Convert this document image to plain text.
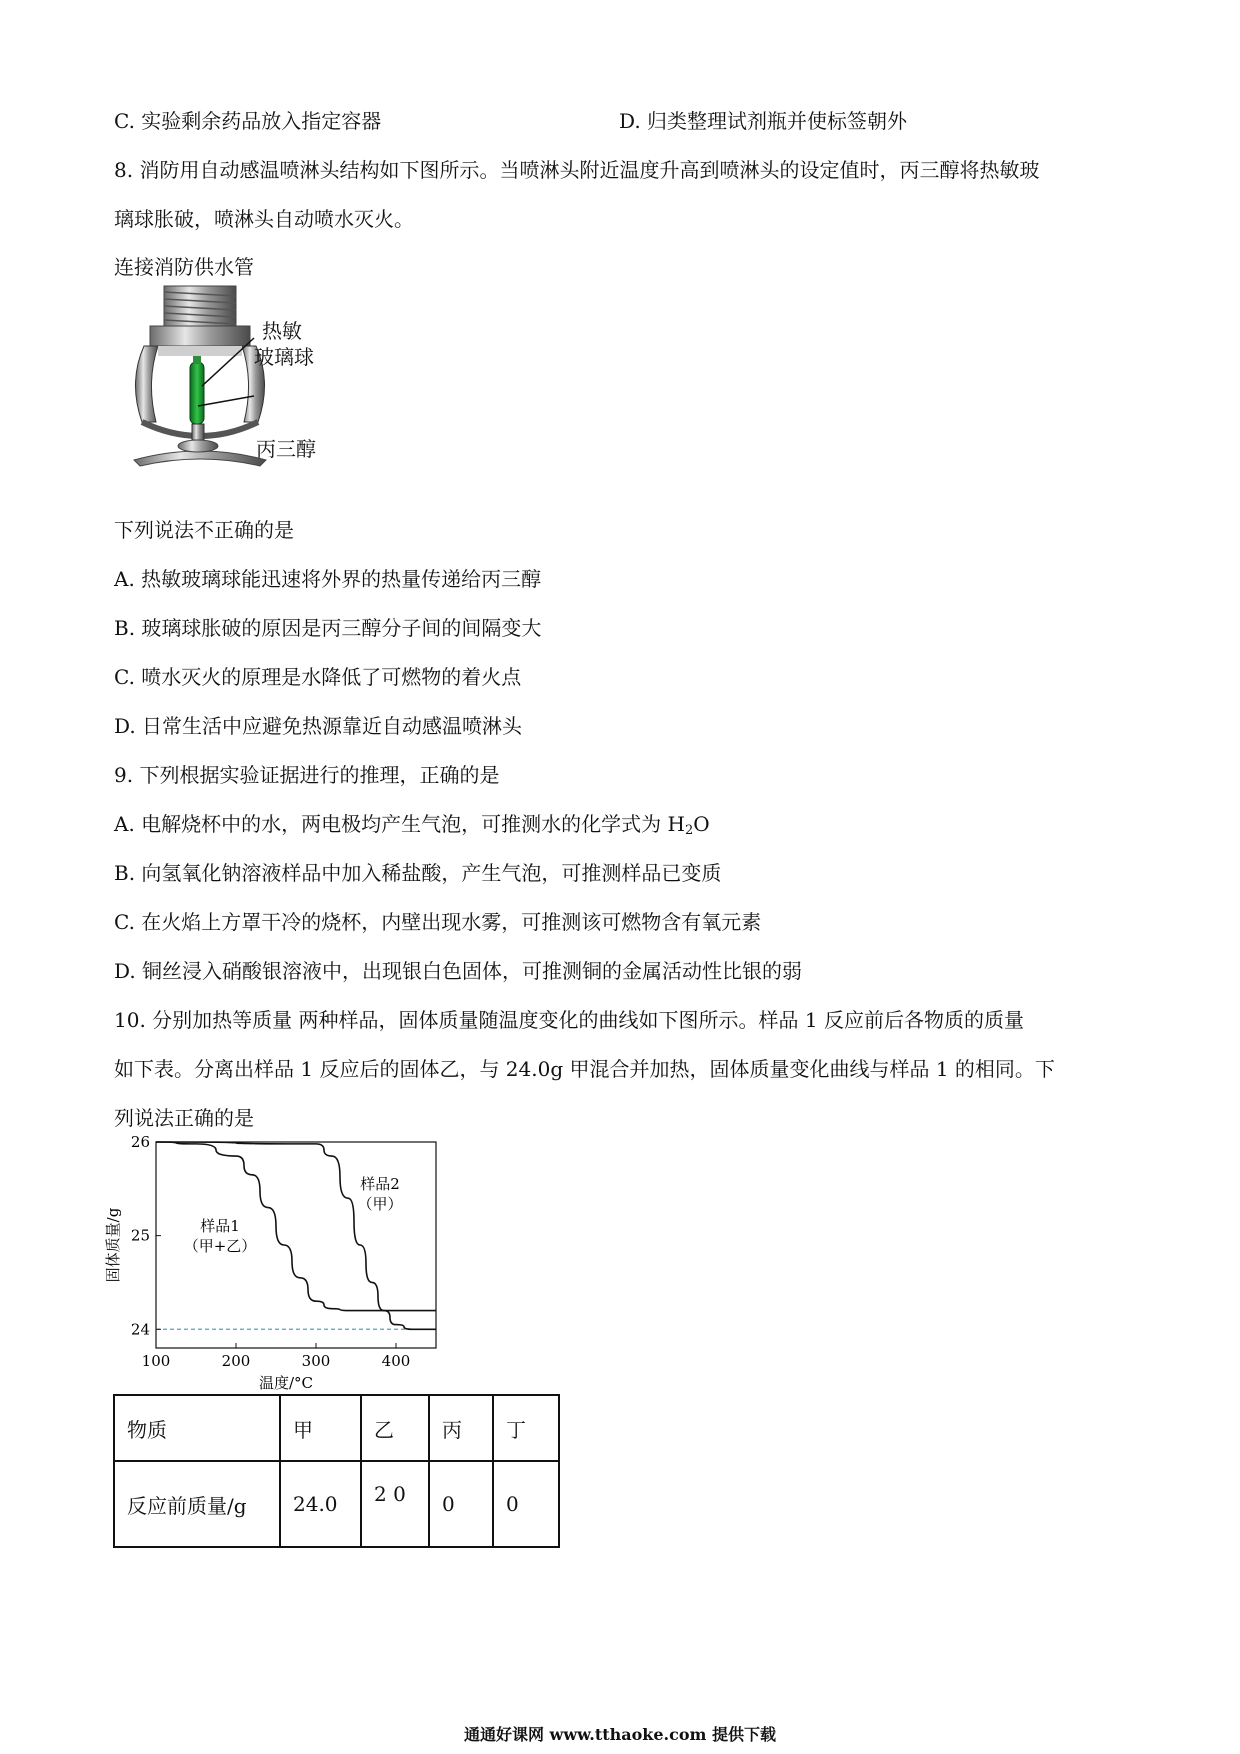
C. 实验剩余药品放入指定容器	D. 归类整理试剂瓶并使标签朝外
8. 消防用自动感温喷淋头结构如下图所示。当喷淋头附近温度升高到喷淋头的设定值时，丙三醇将热敏玻
璃球胀破，喷淋头自动喷水灭火。
连接消防供水管
热敏
玻璃球
丙三醇
下列说法不正确的是
A. 热敏玻璃球能迅速将外界的热量传递给丙三醇
B. 玻璃球胀破的原因是丙三醇分子间的间隔变大
C. 喷水灭火的原理是水降低了可燃物的着火点
D. 日常生活中应避免热源靠近自动感温喷淋头
9. 下列根据实验证据进行的推理，正确的是
A. 电解烧杯中的水，两电极均产生气泡，可推测水的化学式为 $H_2O$
B. 向氢氧化钠溶液样品中加入稀盐酸，产生气泡，可推测样品已变质
C. 在火焰上方罩干冷的烧杯，内壁出现水雾，可推测该可燃物含有氧元素
D. 铜丝浸入硝酸银溶液中，出现银白色固体，可推测铜的金属活动性比银的弱
10. 分别加热等质量 两种样品，固体质量随温度变化的曲线如下图所示。样品 1 反应前后各物质的质量
如下表。分离出样品 1 反应后的固体乙，与 24.0g 甲混合并加热，固体质量变化曲线与样品 1 的相同。下
列说法正确的是
100	200	300	400
24
25
26
温度/°C
固体质量/g	样品1
（甲+乙）
样品2
（甲）
物质	甲	乙	丙	丁
反应前质量/g	24.0	2 0	0	0
通通好课网 www.tthaoke.com 提供下载
